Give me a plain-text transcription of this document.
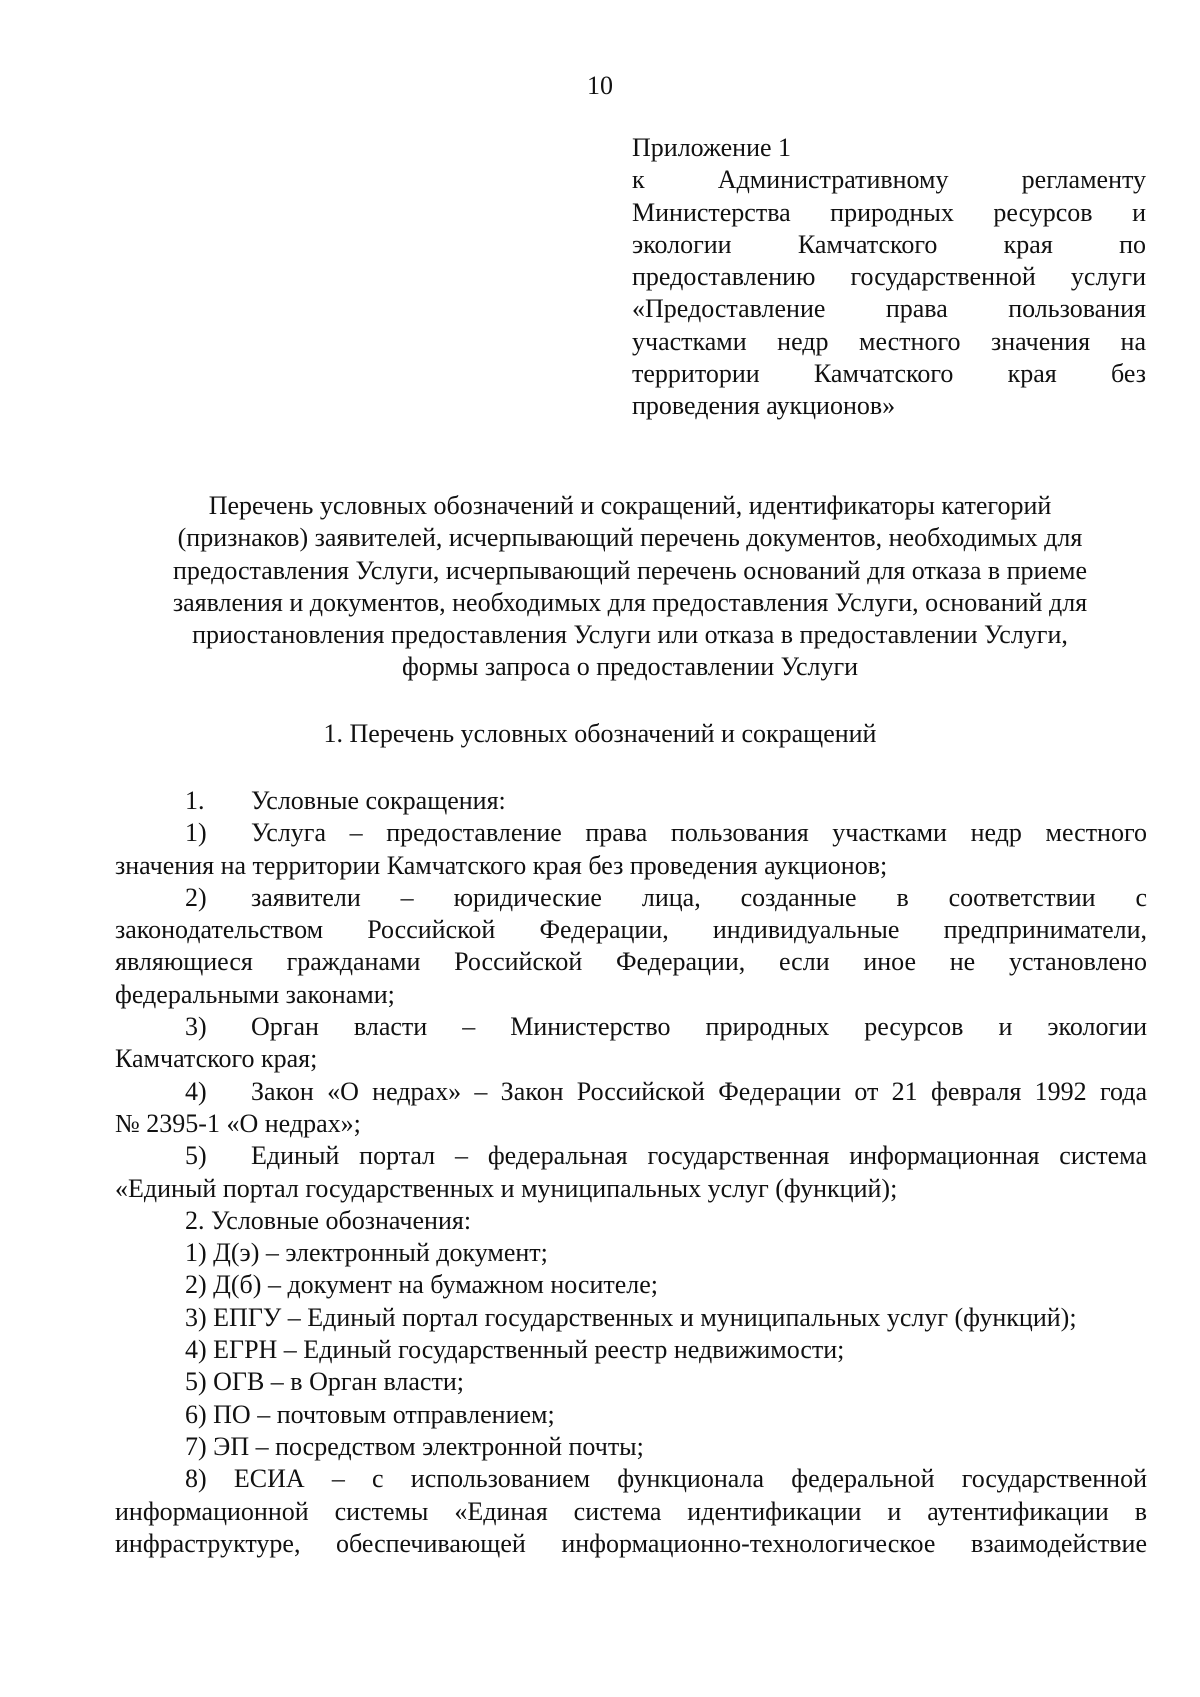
10
Приложение 1
к Административному регламенту
Министерства природных ресурсов и
экологии Камчатского края по
предоставлению государственной услуги
«Предоставление права пользования
участками недр местного значения на
территории Камчатского края без
проведения аукционов»
Перечень условных обозначений и сокращений, идентификаторы категорий
(признаков) заявителей, исчерпывающий перечень документов, необходимых для
предоставления Услуги, исчерпывающий перечень оснований для отказа в приеме
заявления и документов, необходимых для предоставления Услуги, оснований для
приостановления предоставления Услуги или отказа в предоставлении Услуги,
формы запроса о предоставлении Услуги
1. Перечень условных обозначений и сокращений
1.	Условные сокращения:
1)	Услуга – предоставление права пользования участками недр местного
значения на территории Камчатского края без проведения аукционов;
2)	заявители – юридические лица, созданные в соответствии с
законодательством Российской Федерации, индивидуальные предприниматели,
являющиеся гражданами Российской Федерации, если иное не установлено
федеральными законами;
3)	Орган власти – Министерство природных ресурсов и экологии
Камчатского края;
4)	Закон «О недрах» – Закон Российской Федерации от 21 февраля 1992 года
№ 2395-1 «О недрах»;
5)	Единый портал – федеральная государственная информационная система
«Единый портал государственных и муниципальных услуг (функций);
2. Условные обозначения:
1) Д(э) – электронный документ;
2) Д(б) – документ на бумажном носителе;
3) ЕПГУ – Единый портал государственных и муниципальных услуг (функций);
4) ЕГРН – Единый государственный реестр недвижимости;
5) ОГВ – в Орган власти;
6) ПО – почтовым отправлением;
7) ЭП – посредством электронной почты;
8) ЕСИА – с использованием функционала федеральной государственной
информационной системы «Единая система идентификации и аутентификации в
инфраструктуре, обеспечивающей информационно-технологическое взаимодействие
